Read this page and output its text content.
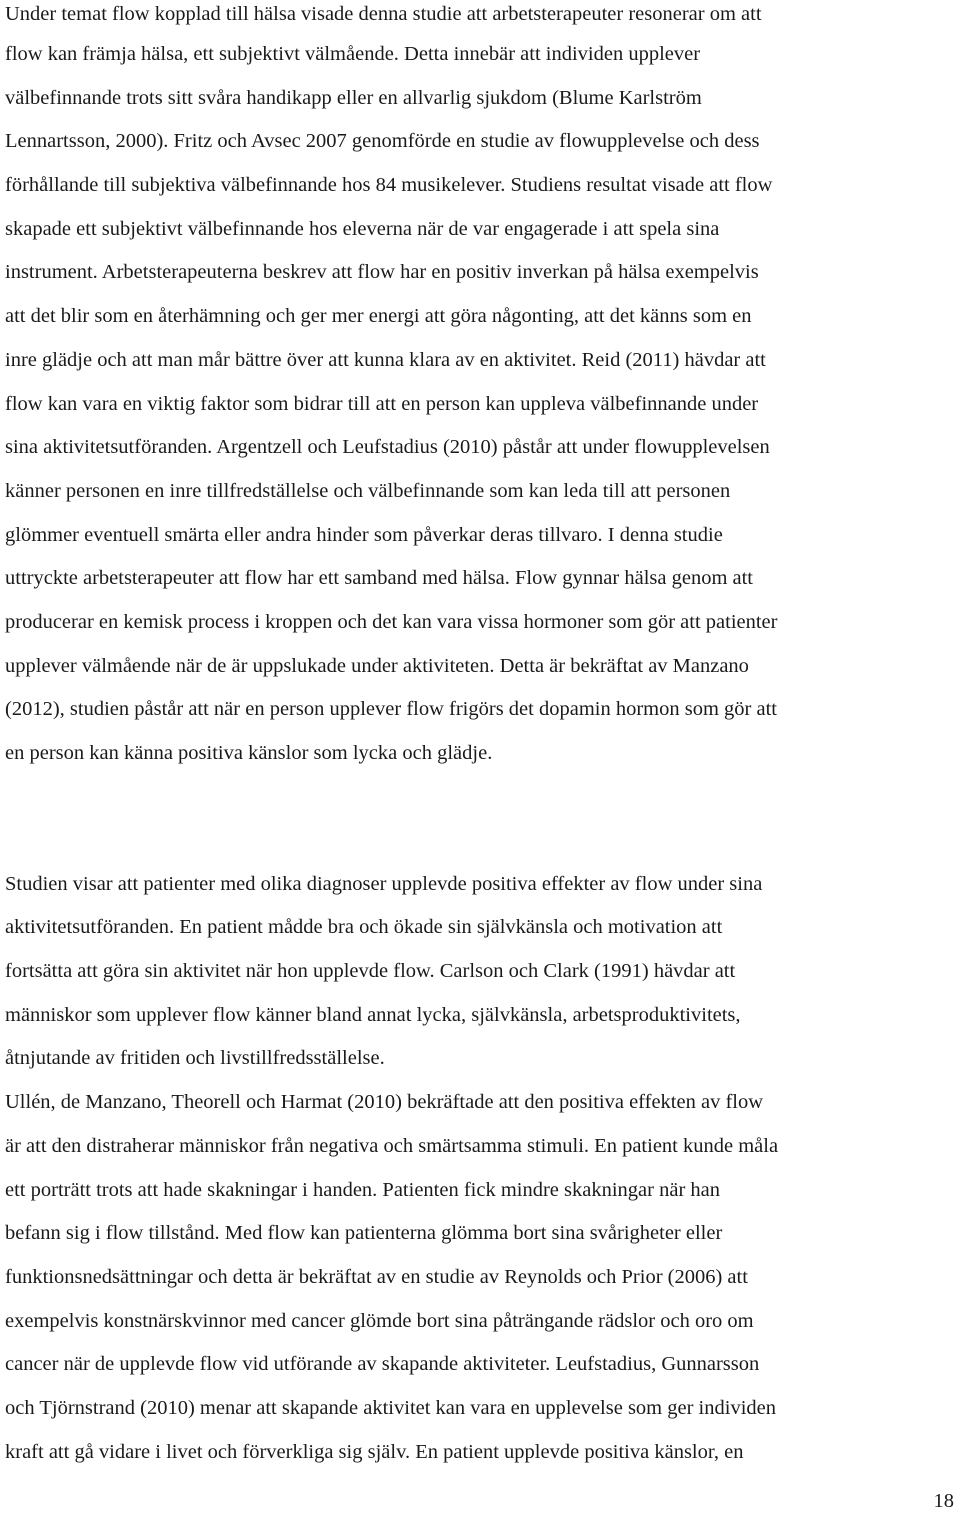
Under temat flow kopplad till hälsa visade denna studie att arbetsterapeuter resonerar om att

flow kan främja hälsa, ett subjektivt välmående. Detta innebär att individen upplever

välbefinnande trots sitt svåra handikapp eller en allvarlig sjukdom (Blume Karlström

Lennartsson, 2000). Fritz och Avsec 2007 genomförde en studie av flowupplevelse och dess

förhållande till subjektiva välbefinnande hos 84 musikelever. Studiens resultat visade att flow

skapade ett subjektivt välbefinnande hos eleverna när de var engagerade i att spela sina

instrument. Arbetsterapeuterna beskrev att flow har en positiv inverkan på hälsa exempelvis

att det blir som en återhämning och ger mer energi att göra någonting, att det känns som en

inre glädje och att man mår bättre över att kunna klara av en aktivitet. Reid (2011) hävdar att

flow kan vara en viktig faktor som bidrar till att en person kan uppleva välbefinnande under

sina aktivitetsutföranden. Argentzell och Leufstadius (2010) påstår att under flowupplevelsen

känner personen en inre tillfredställelse och välbefinnande som kan leda till att personen

glömmer eventuell smärta eller andra hinder som påverkar deras tillvaro. I denna studie

uttryckte arbetsterapeuter att flow har ett samband med hälsa. Flow gynnar hälsa genom att

producerar en kemisk process i kroppen och det kan vara vissa hormoner som gör att patienter

upplever välmående när de är uppslukade under aktiviteten. Detta är bekräftat av Manzano

(2012), studien påstår att när en person upplever flow frigörs det dopamin hormon som gör att

en person kan känna positiva känslor som lycka och glädje.

Studien visar att patienter med olika diagnoser upplevde positiva effekter av flow under sina

aktivitetsutföranden. En patient mådde bra och ökade sin självkänsla och motivation att

fortsätta att göra sin aktivitet när hon upplevde flow. Carlson och Clark (1991) hävdar att

människor som upplever flow känner bland annat lycka, självkänsla, arbetsproduktivitets,

åtnjutande av fritiden och livstillfredsställelse.

Ullén, de Manzano, Theorell och Harmat (2010) bekräftade att den positiva effekten av flow

är att den distraherar människor från negativa och smärtsamma stimuli. En patient kunde måla

ett porträtt trots att hade skakningar i handen. Patienten fick mindre skakningar när han

befann sig i flow tillstånd. Med flow kan patienterna glömma bort sina svårigheter eller

funktionsnedsättningar och detta är bekräftat av en studie av Reynolds och Prior (2006) att

exempelvis konstnärskvinnor med cancer glömde bort sina påträngande rädslor och oro om

cancer när de upplevde flow vid utförande av skapande aktiviteter. Leufstadius, Gunnarsson

och Tjörnstrand (2010) menar att skapande aktivitet kan vara en upplevelse som ger individen

kraft att gå vidare i livet och förverkliga sig själv. En patient upplevde positiva känslor, en

18
